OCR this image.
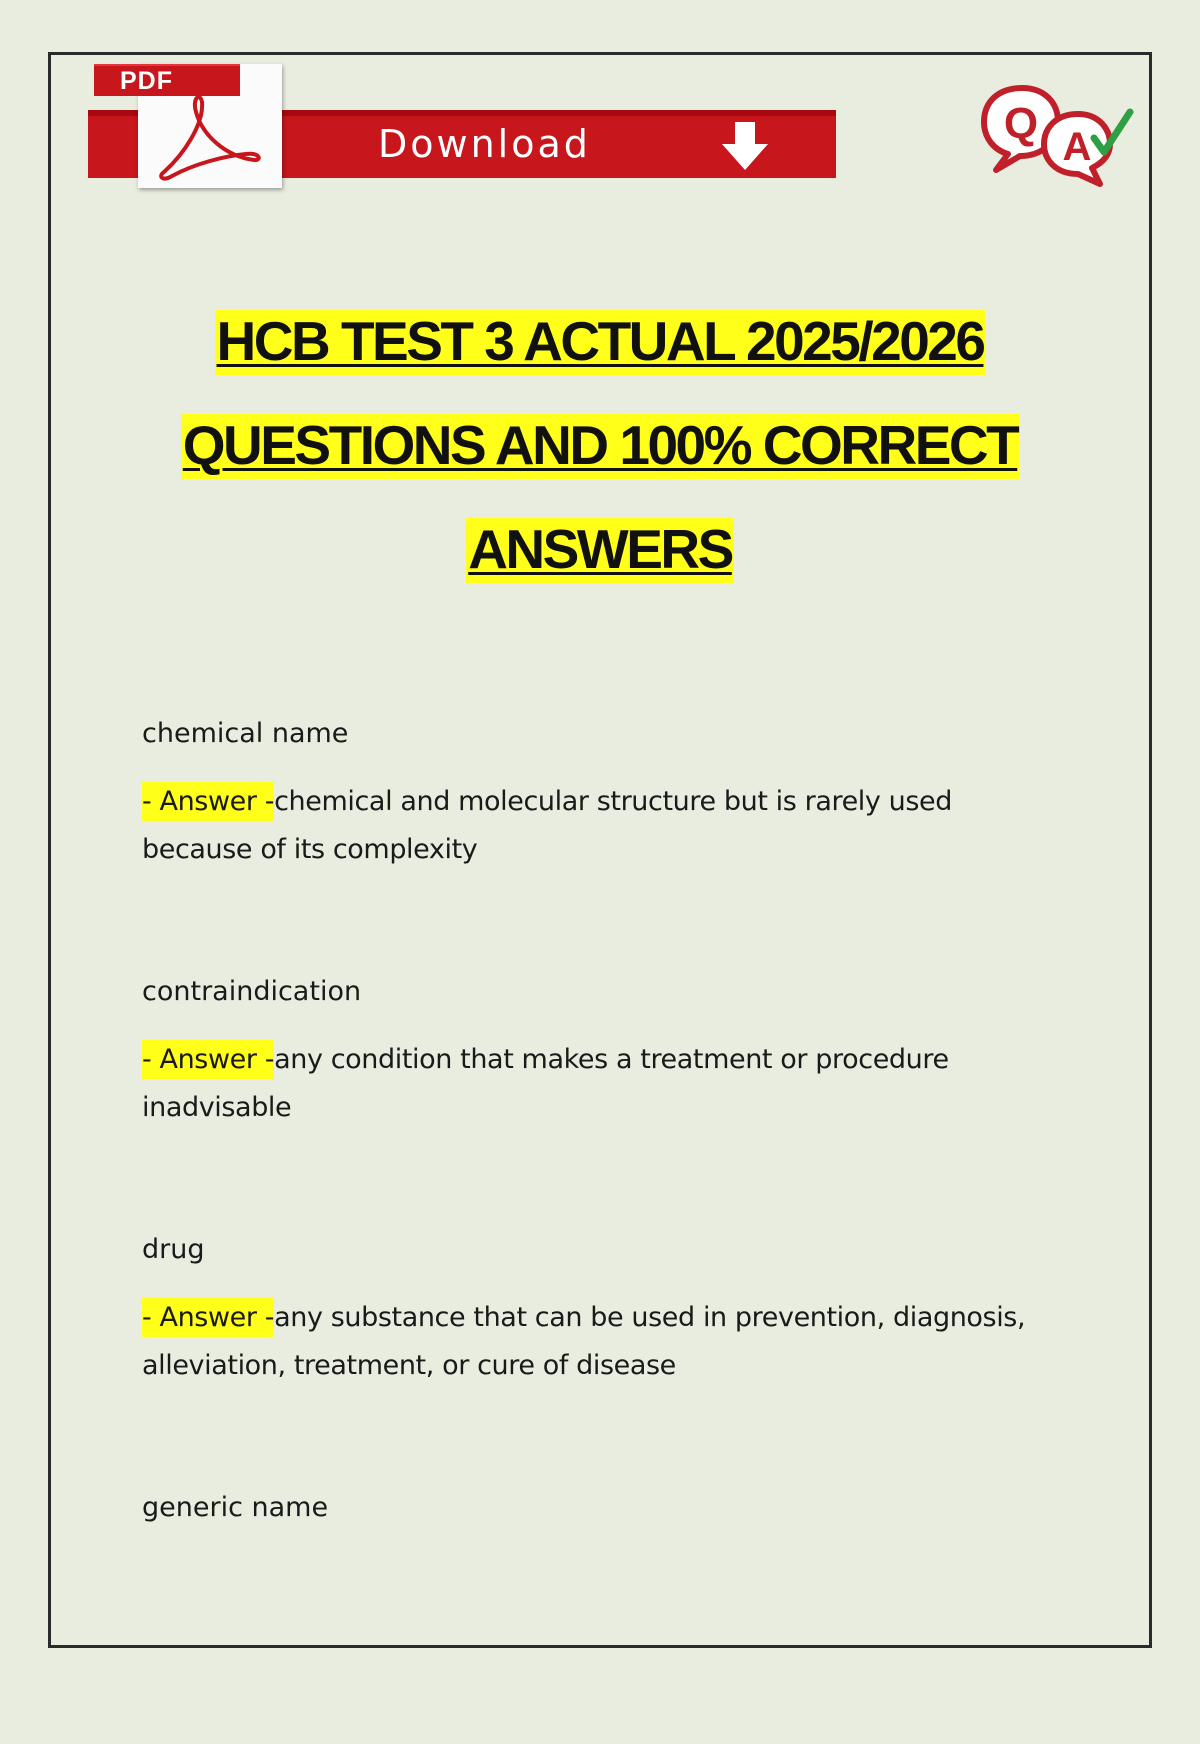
PDF
Download	Q A
HCB TEST 3 ACTUAL 2025/2026
QUESTIONS AND 100% CORRECT
ANSWERS

chemical name

- Answer -chemical and molecular structure but is rarely used because of its complexity

contraindication

- Answer -any condition that makes a treatment or procedure inadvisable

drug

- Answer -any substance that can be used in prevention, diagnosis, alleviation, treatment, or cure of disease

generic name
